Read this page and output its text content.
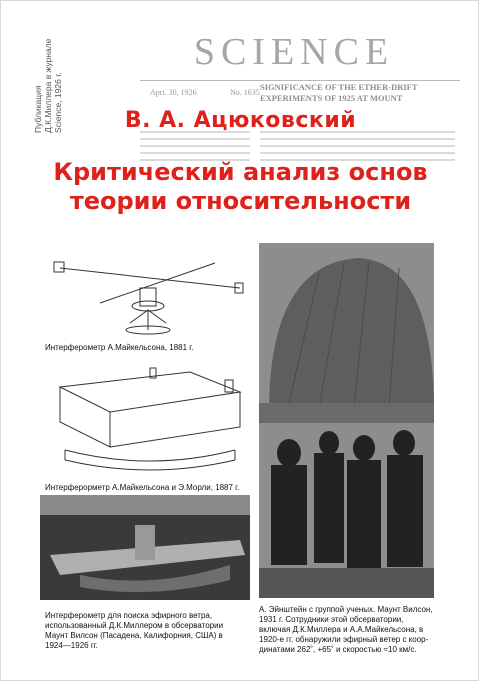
SCIENCE
Apri. 30, 1926	No. 1635
SIGNIFICANCE OF THE ETHER-DRIFT EXPERIMENTS OF 1925 AT MOUNT
Публикация Д.К.Миллера в журнале Science, 1926 г.	В. А. Ацюковский
Критический анализ основ
теории относительности
Интерферометр А.Майкельсона, 1881 г.
Интерферорметр А.Майкельсона и Э.Морли, 1887 г.
Интерферометр для поиска эфирного ветра,
использованный Д.К.Миллером в обсерватории
Маунт Вилсон (Пасадена, Калифорния, США) в
1924—1926 гг.
А. Эйнштейн с группой ученых. Маунт Вилсон,
1931 г. Сотрудники этой обсерватории,
включая Д.К.Миллера и А.А.Майкельсона, в
1920-е гг. обнаружили эфирный ветер с коор-
динатами 262˚, +65˚ и скоростью ≈10 км/с.
